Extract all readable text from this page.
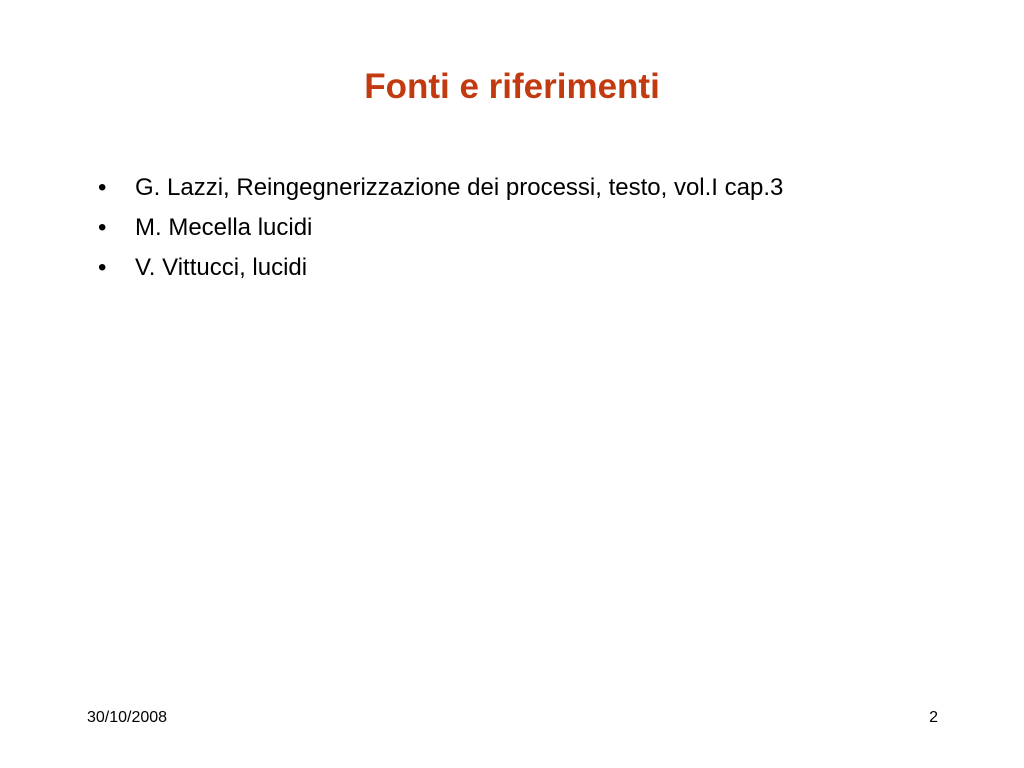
Fonti e riferimenti
•	G. Lazzi, Reingegnerizzazione dei processi, testo, vol.I cap.3
•	M. Mecella lucidi
•	V. Vittucci, lucidi
30/10/2008	2
